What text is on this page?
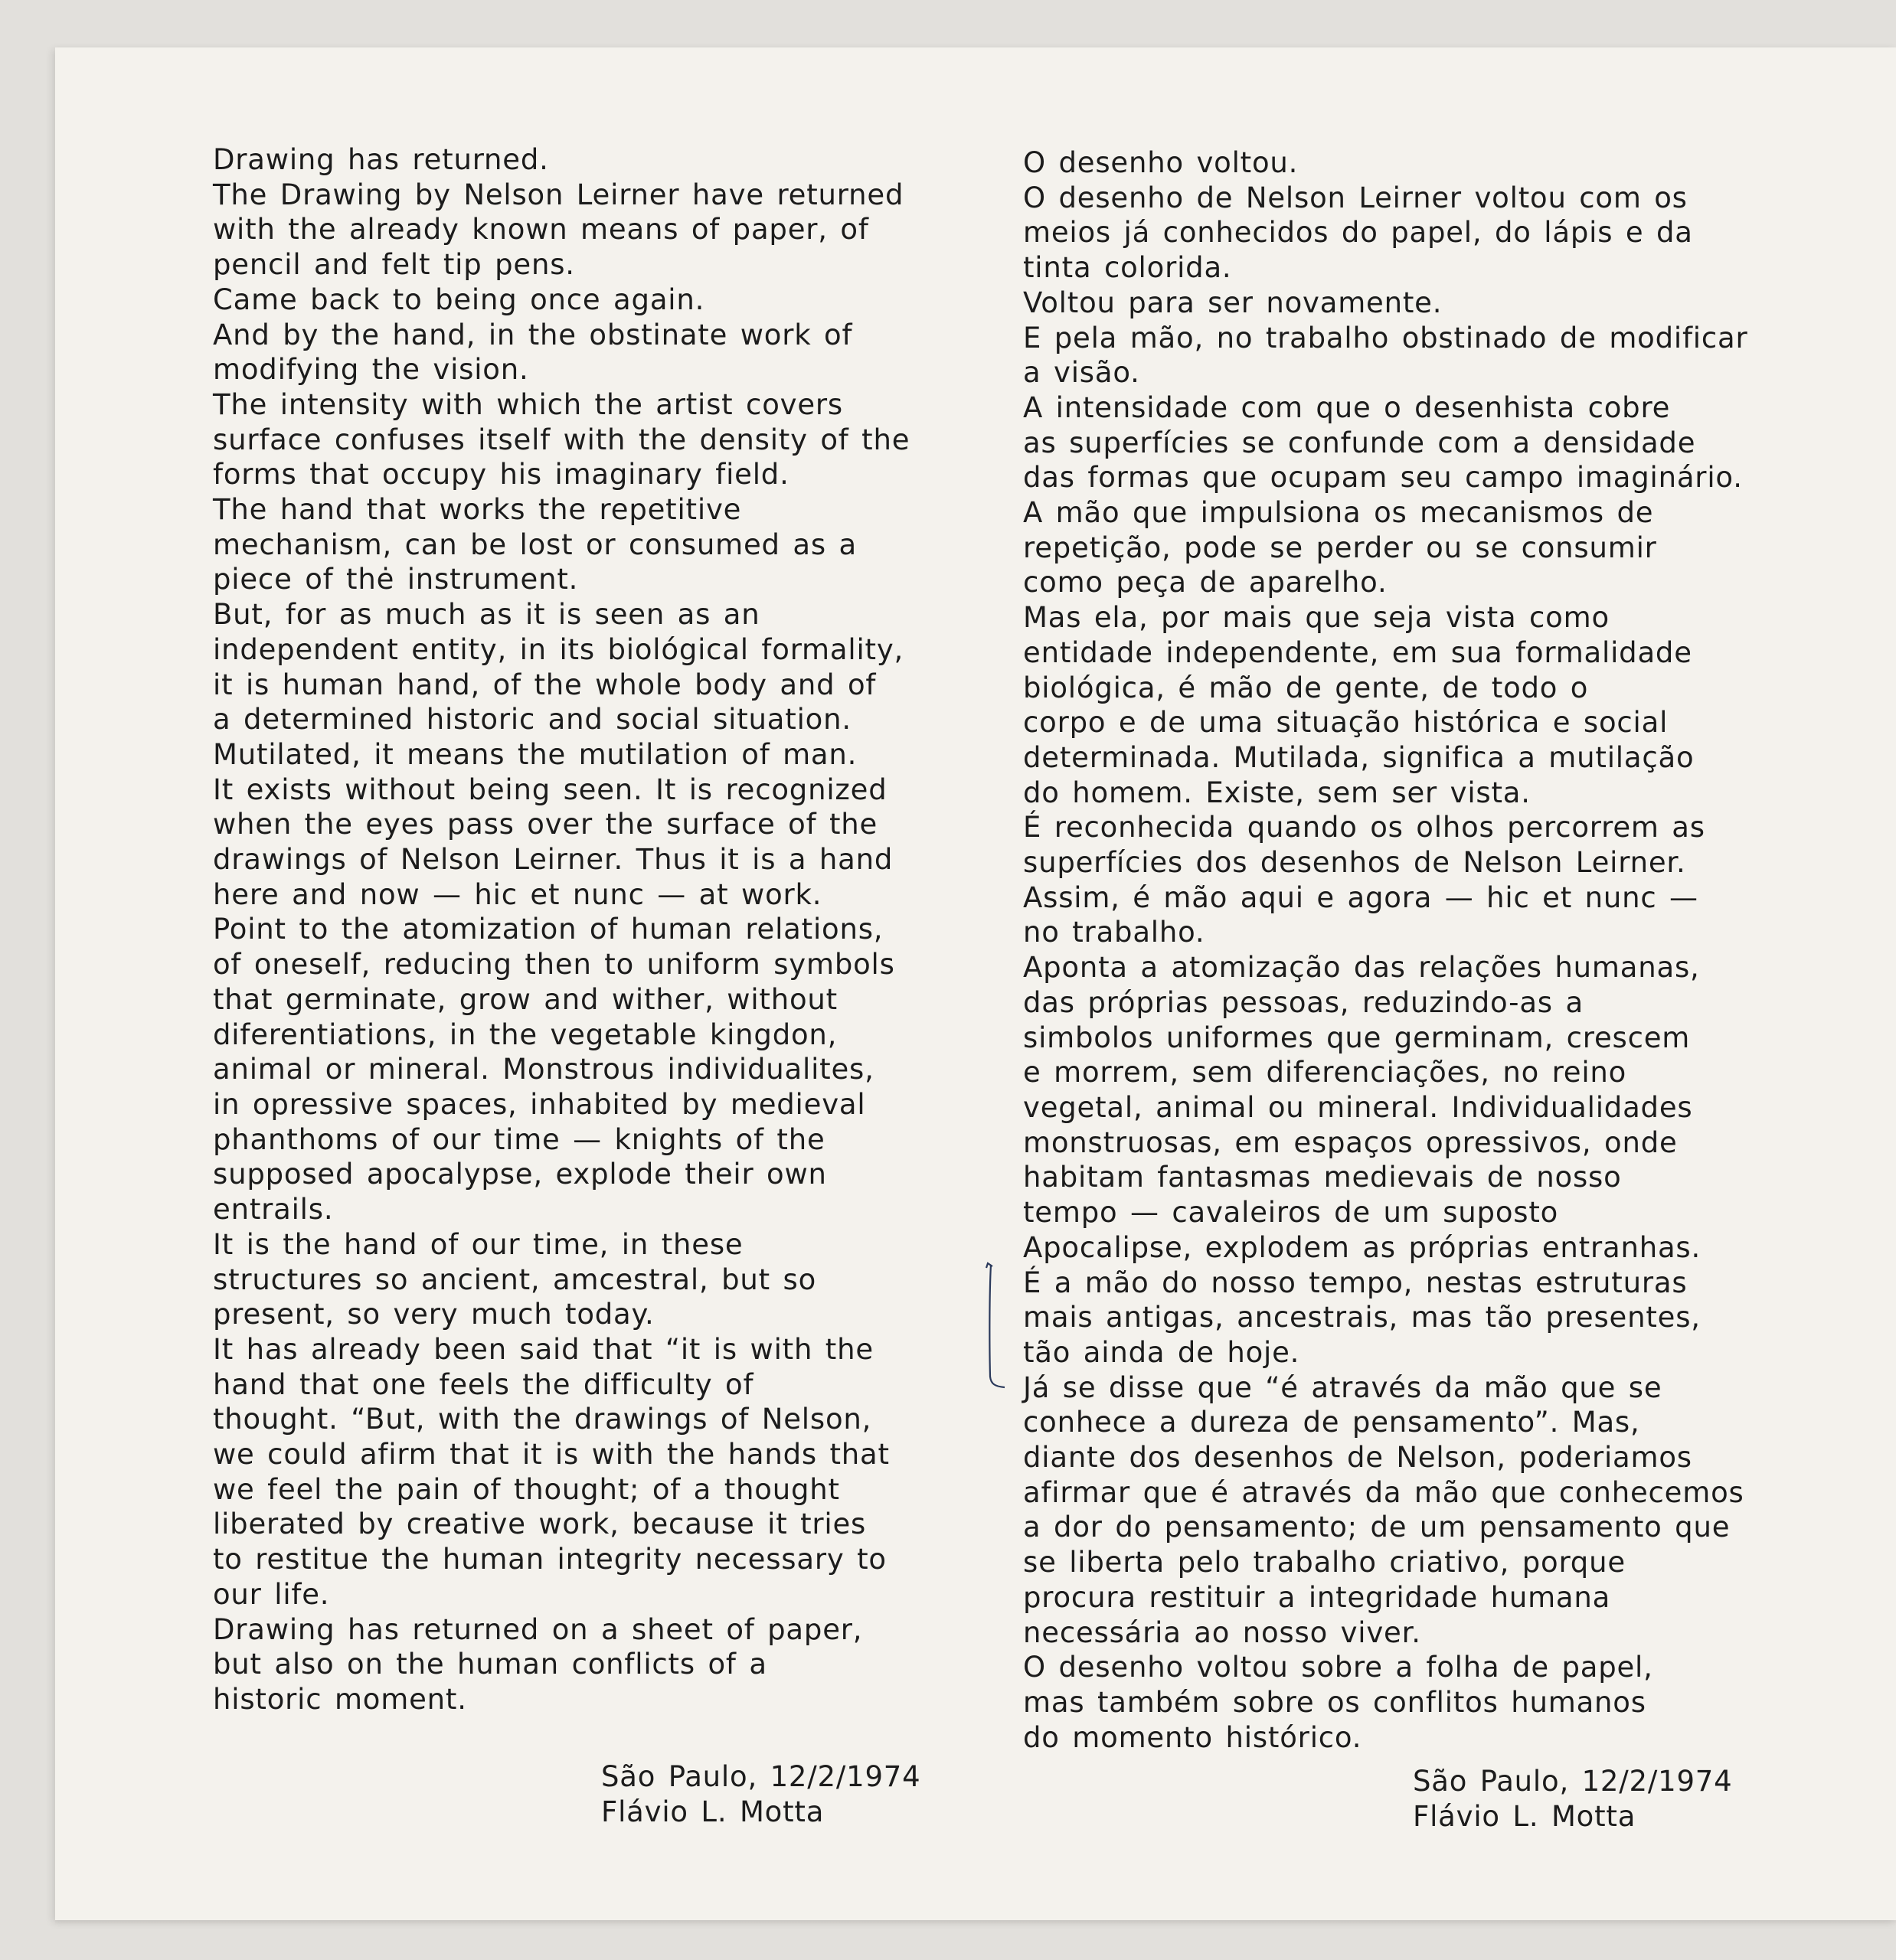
Drawing has returned.
The Drawing by Nelson Leirner have returned
with the already known means of paper, of
pencil and felt tip pens.
Came back to being once again.
And by the hand, in the obstinate work of
modifying the vision.
The intensity with which the artist covers
surface confuses itself with the density of the
forms that occupy his imaginary field.
The hand that works the repetitive
mechanism, can be lost or consumed as a
piece of thė instrument.
But, for as much as it is seen as an
independent entity, in its biológical formality,
it is human hand, of the whole body and of
a determined historic and social situation.
Mutilated, it means the mutilation of man.
It exists without being seen. It is recognized
when the eyes pass over the surface of the
drawings of Nelson Leirner. Thus it is a hand
here and now — hic et nunc — at work.
Point to the atomization of human relations,
of oneself, reducing then to uniform symbols
that germinate, grow and wither, without
diferentiations, in the vegetable kingdon,
animal or mineral. Monstrous individualites,
in opressive spaces, inhabited by medieval
phanthoms of our time — knights of the
supposed apocalypse, explode their own
entrails.
It is the hand of our time, in these
structures so ancient, amcestral, but so
present, so very much today.
It has already been said that “it is with the
hand that one feels the difficulty of
thought. “But, with the drawings of Nelson,
we could afirm that it is with the hands that
we feel the pain of thought; of a thought
liberated by creative work, because it tries
to restitue the human integrity necessary to
our life.
Drawing has returned on a sheet of paper,
but also on the human conflicts of a
historic moment.
O desenho voltou.
O desenho de Nelson Leirner voltou com os
meios já conhecidos do papel, do lápis e da
tinta colorida.
Voltou para ser novamente.
E pela mão, no trabalho obstinado de modificar
a visão.
A intensidade com que o desenhista cobre
as superfícies se confunde com a densidade
das formas que ocupam seu campo imaginário.
A mão que impulsiona os mecanismos de
repetição, pode se perder ou se consumir
como peça de aparelho.
Mas ela, por mais que seja vista como
entidade independente, em sua formalidade
biológica, é mão de gente, de todo o
corpo e de uma situação histórica e social
determinada. Mutilada, significa a mutilação
do homem. Existe, sem ser vista.
É reconhecida quando os olhos percorrem as
superfícies dos desenhos de Nelson Leirner.
Assim, é mão aqui e agora — hic et nunc —
no trabalho.
Aponta a atomização das relações humanas,
das próprias pessoas, reduzindo-as a
simbolos uniformes que germinam, crescem
e morrem, sem diferenciações, no reino
vegetal, animal ou mineral. Individualidades
monstruosas, em espaços opressivos, onde
habitam fantasmas medievais de nosso
tempo — cavaleiros de um suposto
Apocalipse, explodem as próprias entranhas.
É a mão do nosso tempo, nestas estruturas
mais antigas, ancestrais, mas tão presentes,
tão ainda de hoje.
Já se disse que “é através da mão que se
conhece a dureza de pensamento”. Mas,
diante dos desenhos de Nelson, poderiamos
afirmar que é através da mão que conhecemos
a dor do pensamento; de um pensamento que
se liberta pelo trabalho criativo, porque
procura restituir a integridade humana
necessária ao nosso viver.
O desenho voltou sobre a folha de papel,
mas também sobre os conflitos humanos
do momento histórico.
São Paulo, 12/2/1974
Flávio L. Motta
São Paulo, 12/2/1974
Flávio L. Motta
